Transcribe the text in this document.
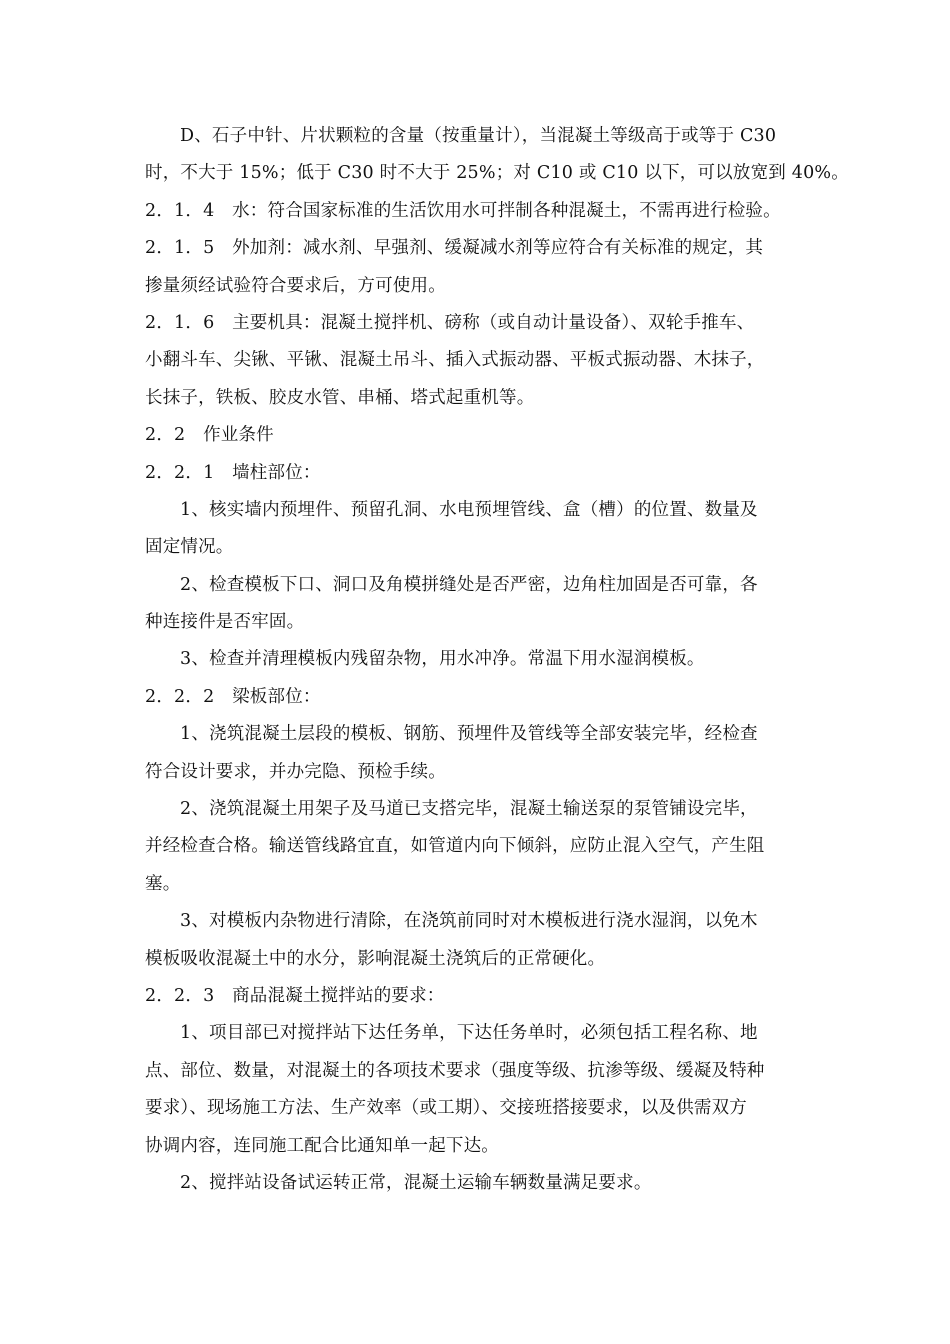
D、石子中针、片状颗粒的含量（按重量计），当混凝土等级高于或等于 C30
时，不大于 15%；低于 C30 时不大于 25%；对 C10 或 C10 以下，可以放宽到 40%。
2．1．4　水：符合国家标准的生活饮用水可拌制各种混凝土，不需再进行检验。
2．1．5　外加剂：减水剂、早强剂、缓凝减水剂等应符合有关标准的规定，其
掺量须经试验符合要求后，方可使用。
2．1．6　主要机具：混凝土搅拌机、磅称（或自动计量设备）、双轮手推车、
小翻斗车、尖锹、平锹、混凝土吊斗、插入式振动器、平板式振动器、木抹子，
长抹子，铁板、胶皮水管、串桶、塔式起重机等。
2．2　作业条件
2．2．1　墙柱部位：
1、核实墙内预埋件、预留孔洞、水电预埋管线、盒（槽）的位置、数量及
固定情况。
2、检查模板下口、洞口及角模拼缝处是否严密，边角柱加固是否可靠，各
种连接件是否牢固。
3、检查并清理模板内残留杂物，用水冲净。常温下用水湿润模板。
2．2．2　梁板部位：
1、浇筑混凝土层段的模板、钢筋、预埋件及管线等全部安装完毕，经检查
符合设计要求，并办完隐、预检手续。
2、浇筑混凝土用架子及马道已支搭完毕，混凝土输送泵的泵管铺设完毕，
并经检查合格。输送管线路宜直，如管道内向下倾斜，应防止混入空气，产生阻
塞。
3、对模板内杂物进行清除，在浇筑前同时对木模板进行浇水湿润，以免木
模板吸收混凝土中的水分，影响混凝土浇筑后的正常硬化。
2．2．3　商品混凝土搅拌站的要求：
1、项目部已对搅拌站下达任务单，下达任务单时，必须包括工程名称、地
点、部位、数量，对混凝土的各项技术要求（强度等级、抗渗等级、缓凝及特种
要求）、现场施工方法、生产效率（或工期）、交接班搭接要求，以及供需双方
协调内容，连同施工配合比通知单一起下达。
2、搅拌站设备试运转正常，混凝土运输车辆数量满足要求。
